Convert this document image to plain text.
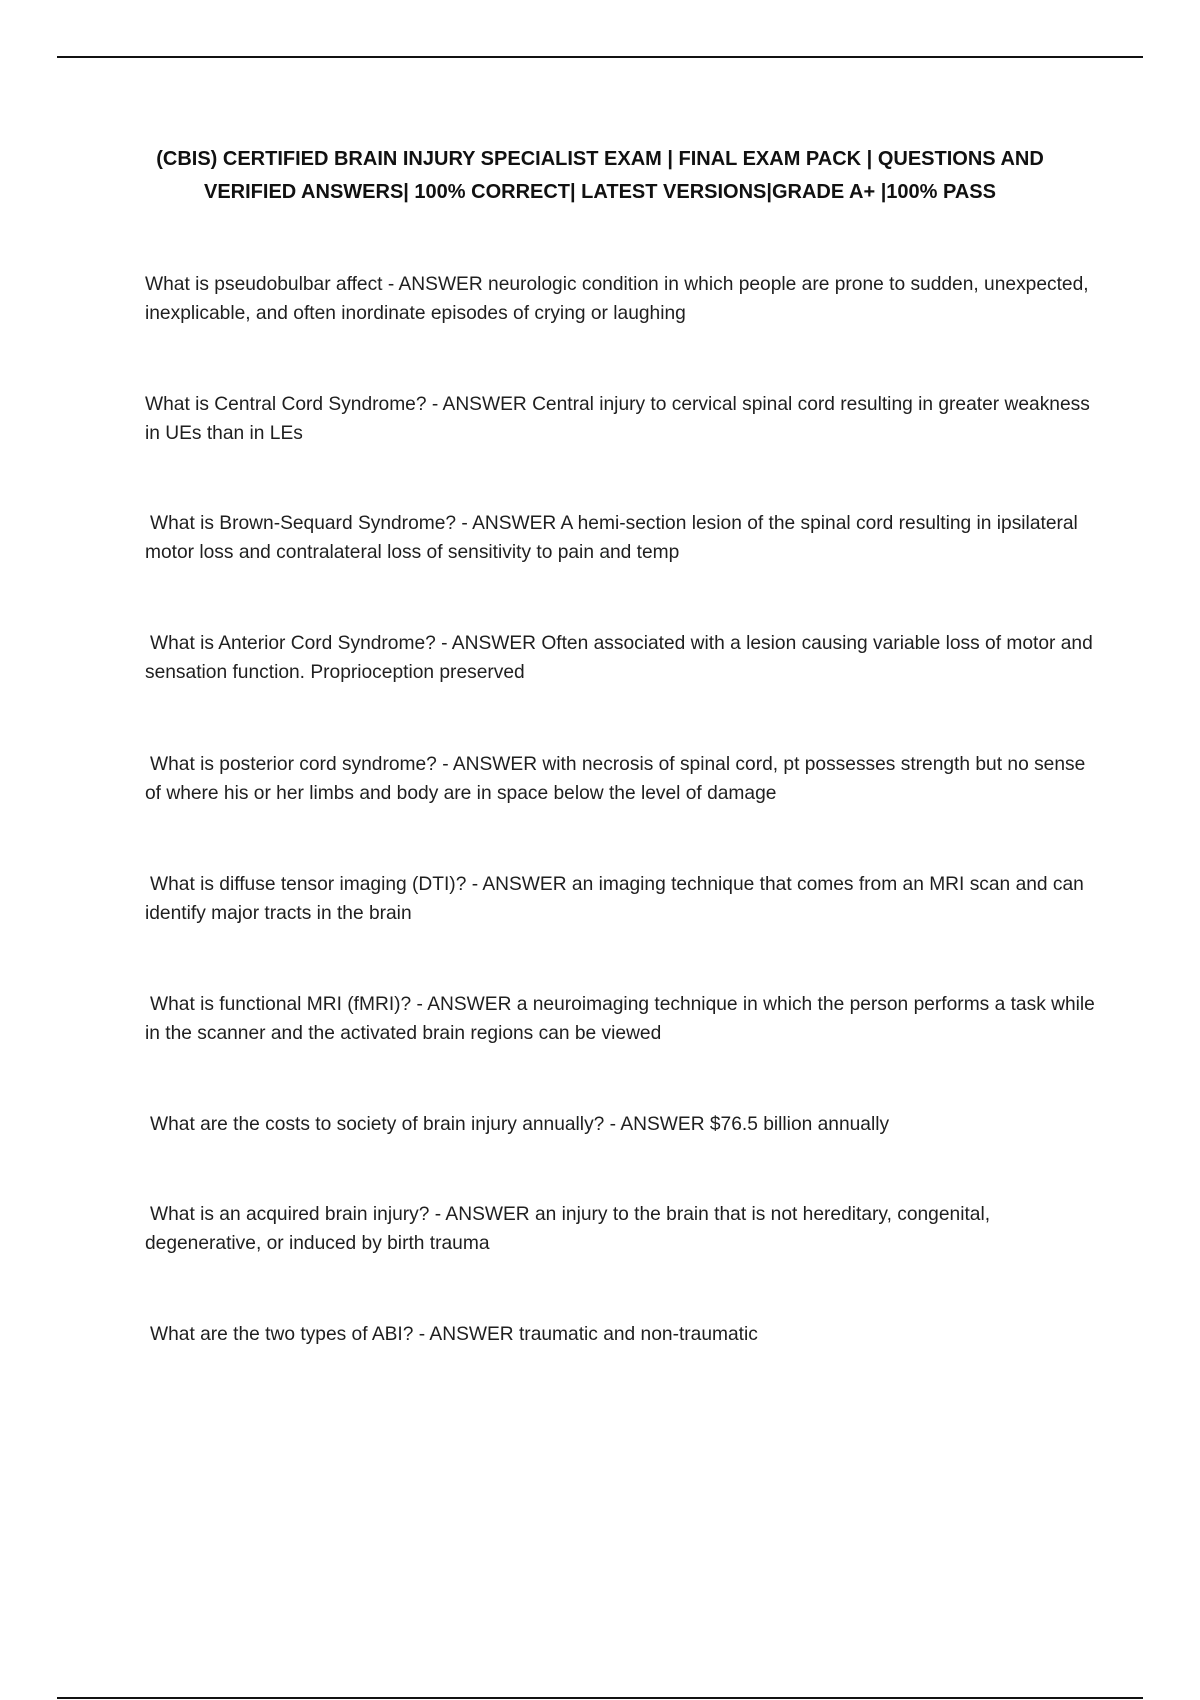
(CBIS) CERTIFIED BRAIN INJURY SPECIALIST EXAM | FINAL EXAM PACK | QUESTIONS AND VERIFIED ANSWERS| 100% CORRECT| LATEST VERSIONS|GRADE A+ |100% PASS
What is pseudobulbar affect - ANSWER neurologic condition in which people are prone to sudden, unexpected, inexplicable, and often inordinate episodes of crying or laughing
What is Central Cord Syndrome? - ANSWER Central injury to cervical spinal cord resulting in greater weakness in UEs than in LEs
What is Brown-Sequard Syndrome? - ANSWER A hemi-section lesion of the spinal cord resulting in ipsilateral motor loss and contralateral loss of sensitivity to pain and temp
What is Anterior Cord Syndrome? - ANSWER Often associated with a lesion causing variable loss of motor and sensation function. Proprioception preserved
What is posterior cord syndrome? - ANSWER with necrosis of spinal cord, pt possesses strength but no sense of where his or her limbs and body are in space below the level of damage
What is diffuse tensor imaging (DTI)? - ANSWER an imaging technique that comes from an MRI scan and can identify major tracts in the brain
What is functional MRI (fMRI)? - ANSWER a neuroimaging technique in which the person performs a task while in the scanner and the activated brain regions can be viewed
What are the costs to society of brain injury annually? - ANSWER $76.5 billion annually
What is an acquired brain injury? - ANSWER an injury to the brain that is not hereditary, congenital, degenerative, or induced by birth trauma
What are the two types of ABI? - ANSWER traumatic and non-traumatic
